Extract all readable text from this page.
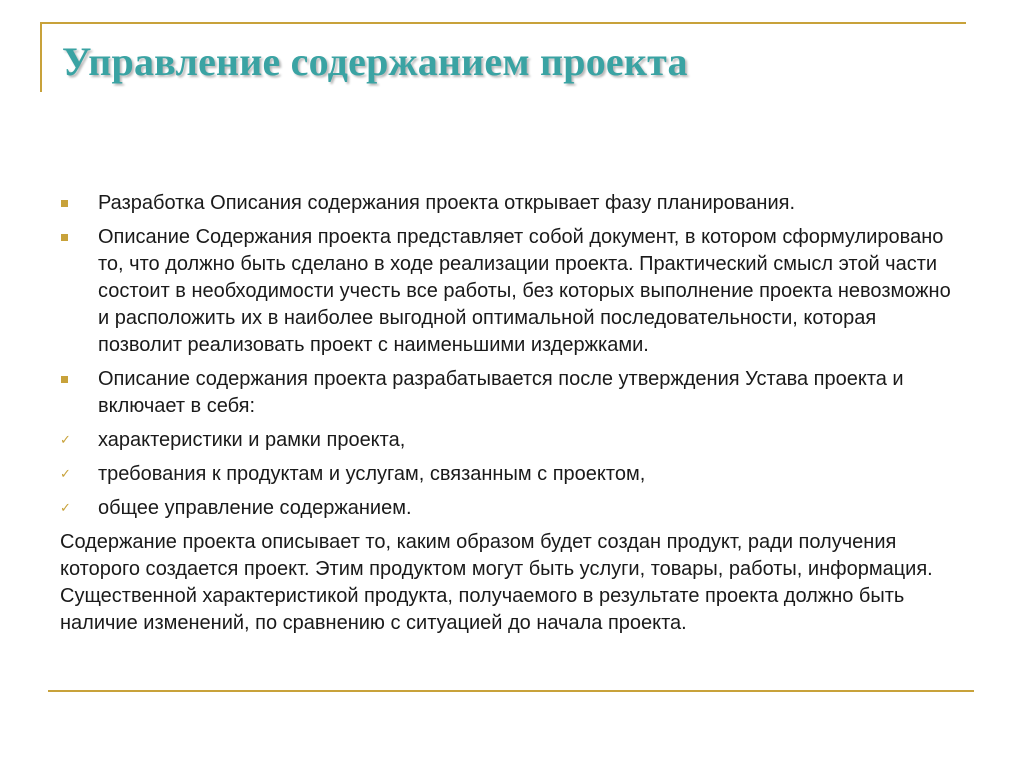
Управление содержанием проекта
Разработка Описания содержания проекта открывает фазу планирования.
Описание Содержания проекта представляет собой документ, в котором сформулировано то, что должно быть сделано в ходе реализации проекта. Практический смысл этой части состоит в необходимости учесть все работы, без которых выполнение проекта невозможно и расположить их в наиболее выгодной оптимальной последовательности, которая позволит реализовать проект с наименьшими издержками.
Описание содержания проекта разрабатывается после утверждения Устава проекта и включает в себя:
✓ характеристики и рамки проекта,
✓ требования к продуктам и услугам, связанным с проектом,
✓ общее управление содержанием.
Содержание проекта описывает то, каким образом будет создан продукт, ради получения которого создается проект. Этим продуктом могут быть услуги, товары, работы, информация. Существенной характеристикой продукта, получаемого в результате проекта должно быть наличие изменений, по сравнению с ситуацией до начала проекта.
